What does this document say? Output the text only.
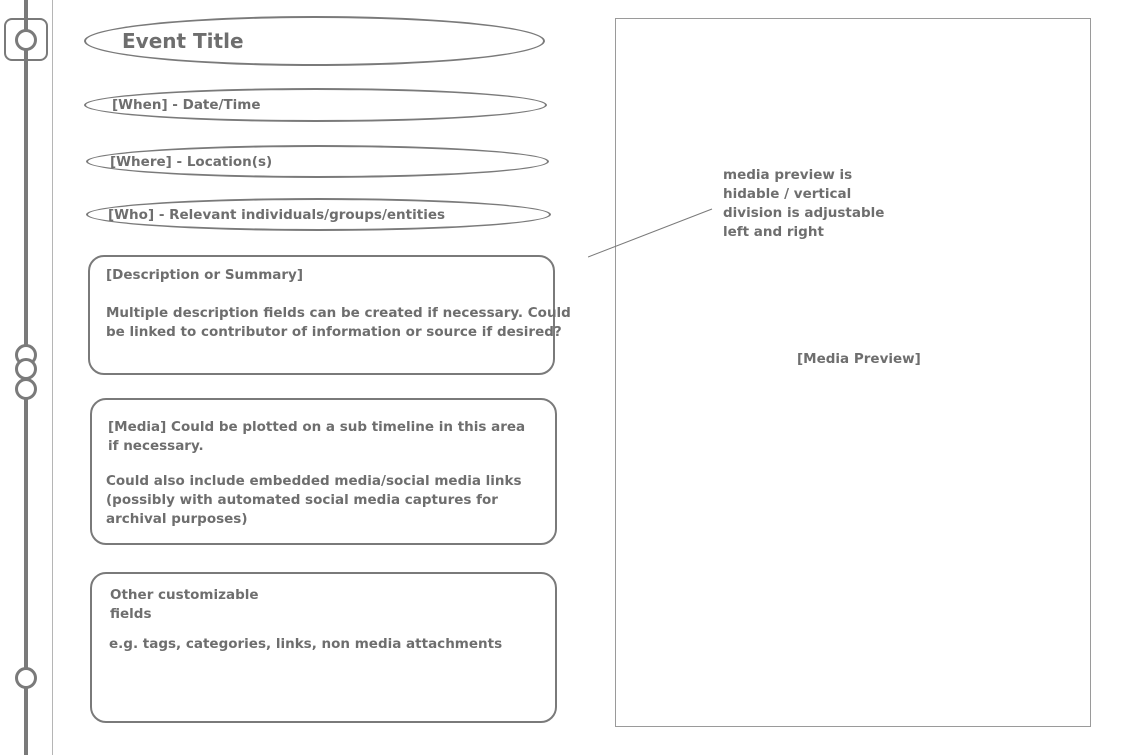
Event Title
[When] - Date/Time
[Where] - Location(s)
[Who] - Relevant individuals/groups/entities
[Description or Summary]
Multiple description fields can be created if necessary. Could
be linked to contributor of information or source if desired?
[Media] Could be plotted on a sub timeline in this area
if necessary.
Could also include embedded media/social media links
(possibly with automated social media captures for
archival purposes)
Other customizable
fields
e.g. tags, categories, links, non media attachments
[Media Preview]
media preview is
hidable / vertical
division is adjustable
left and right
